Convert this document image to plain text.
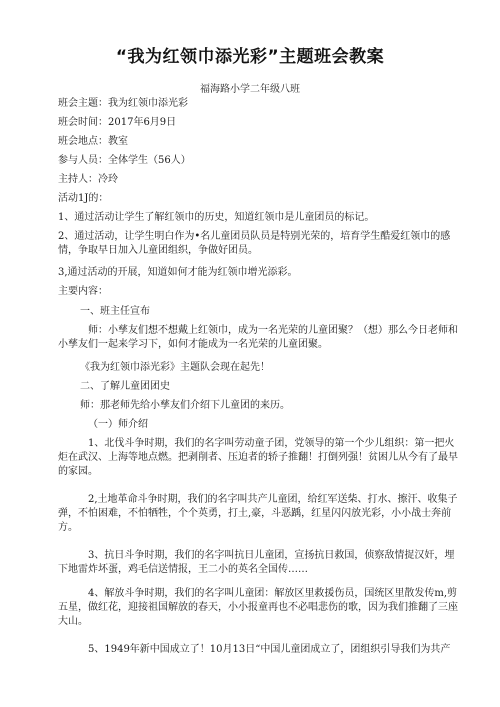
“我为红领巾添光彩”主题班会教案
福海路小学二年级八班
班会主题：我为红领巾添光彩
班会时间：2017年6月9日
班会地点：教室
参与人员：全体学生（56人）
主持人：冷玲
活动1J的：
1、通过活动让学生了解红领巾的历史，知道红领巾是儿童团员的标记。
2、通过活动，让学生明白作为•名儿童团员队员是特别光荣的，培育学生酷爱红领巾的感情，争取早日加入儿童团组织，争做好团员。
3,通过活动的开展，知道如何才能为红领巾增光添彩。
主要内容：
一、班主任宣布
师：小孳友们想不想戴上红领巾，成为一名光荣的儿童团聚？（想）那么今日老师和小孳友们一起来学习下，如何才能成为一名光荣的儿童团聚。
《我为红领巾添光彩》主题队会现在起先！
二、了解儿童团团史
师：那老师先给小孳友们介绍下儿童团的来历。
（一）师介绍
1、北伐斗争时期，我们的名字叫劳动童子团，党领导的第一个少儿组织：第一把火炬在武汉、上海等地点燃。把剥削者、压迫者的轿子推翻！打倒列强！贫困儿从今有了最早的家园。
2,土地革命斗争时期，我们的名字叫共产儿童团，给红军送柴、打水、擦汗、收集子弹，不怕困难，不怕牺牲，个个英勇，打土,豪，斗恶踽，红星闪闪放光彩，小小战士奔前方。
3、抗日斗争时期，我们的名字叫抗日儿童团，宣扬抗日救国，侦察敌情捉汉奸，埋下地雷炸坏蛋，鸡毛信送情报，王二小的英名全国传……
4、解放斗争时期，我们的名字叫儿童团：解放区里救援伤员，国统区里散发传m,剪五星，做红花，迎接祖国解放的春天，小小报童再也不必唱悲伤的歌，因为我们推翻了三座大山。
5、1949年新中国成立了！10月13日“中国儿童团成立了，团组织引导我们为共产
